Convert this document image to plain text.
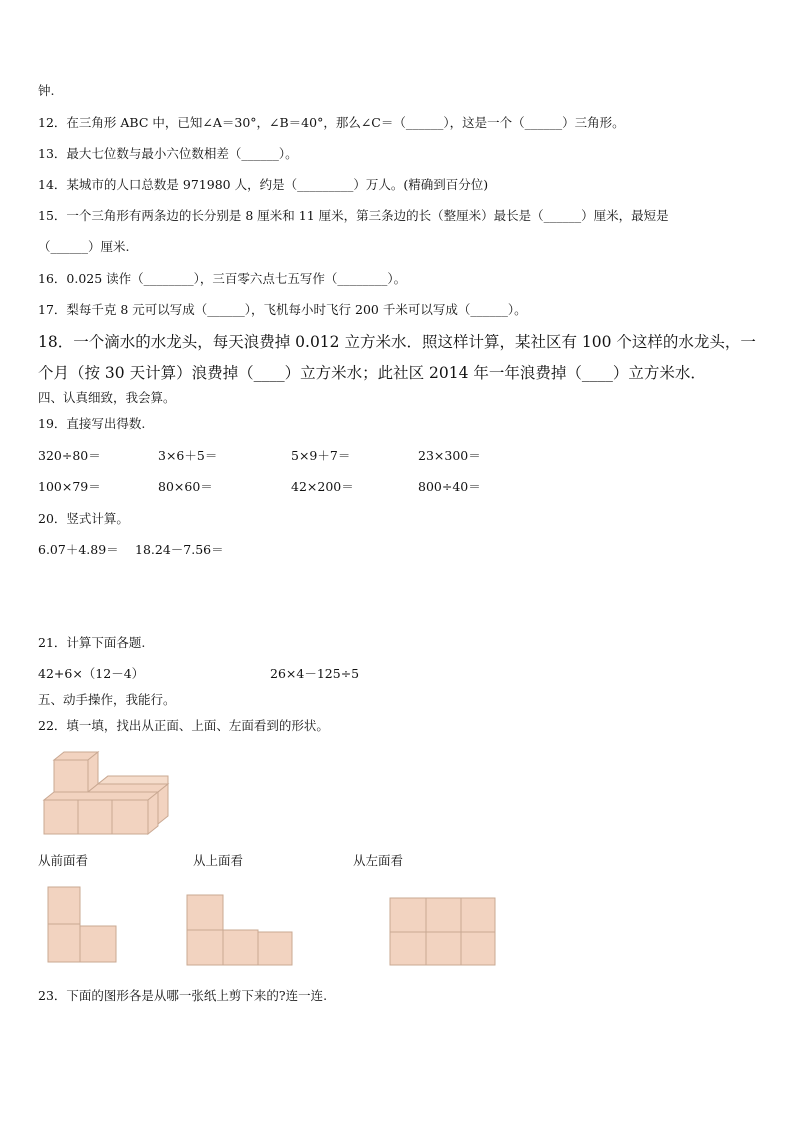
钟.
12．在三角形 ABC 中，已知∠A＝30°，∠B＝40°，那么∠C＝（______），这是一个（______）三角形。
13．最大七位数与最小六位数相差（______）。
14．某城市的人口总数是 971980 人，约是（_________）万人。(精确到百分位)
15．一个三角形有两条边的长分别是 8 厘米和 11 厘米，第三条边的长（整厘米）最长是（______）厘米，最短是
（______）厘米.
16．0.025 读作（________），三百零六点七五写作（________）。
17．梨每千克 8 元可以写成（______），飞机每小时飞行 200 千米可以写成（______）。
18．一个滴水的水龙头，每天浪费掉 0.012 立方米水．照这样计算，某社区有 100 个这样的水龙头，一
个月（按 30 天计算）浪费掉（____）立方米水；此社区 2014 年一年浪费掉（____）立方米水．
四、认真细致，我会算。
19．直接写出得数.
320÷80＝	3×6＋5＝	5×9＋7＝	23×300＝
100×79＝	80×60＝	42×200＝	800÷40＝
20．竖式计算。
6.07＋4.89＝ 18.24－7.56＝
21．计算下面各题.
42+6×（12－4）	26×4－125÷5
五、动手操作，我能行。
22．填一填，找出从正面、上面、左面看到的形状。
从前面看	从上面看	从左面看
23．下面的图形各是从哪一张纸上剪下来的?连一连.
